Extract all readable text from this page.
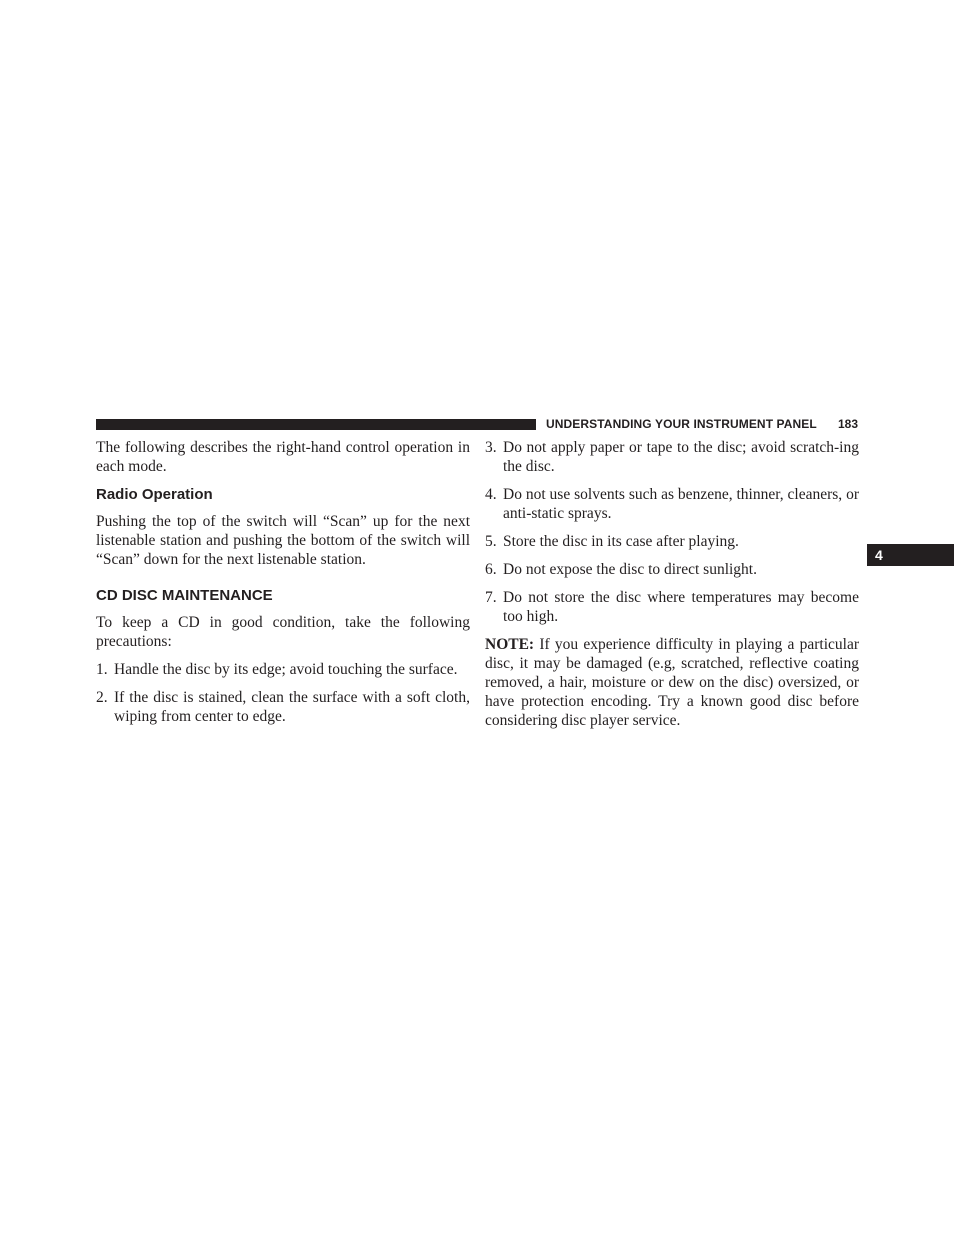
UNDERSTANDING YOUR INSTRUMENT PANEL 183
4

The following describes the right-hand control operation in each mode.

Radio Operation

Pushing the top of the switch will “Scan” up for the next listenable station and pushing the bottom of the switch will “Scan” down for the next listenable station.

CD DISC MAINTENANCE

To keep a CD in good condition, take the following precautions:

1. Handle the disc by its edge; avoid touching the surface.
2. If the disc is stained, clean the surface with a soft cloth, wiping from center to edge.
3. Do not apply paper or tape to the disc; avoid scratch-ing the disc.
4. Do not use solvents such as benzene, thinner, cleaners, or anti-static sprays.
5. Store the disc in its case after playing.
6. Do not expose the disc to direct sunlight.
7. Do not store the disc where temperatures may become too high.

NOTE: If you experience difficulty in playing a particular disc, it may be damaged (e.g, scratched, reflective coating removed, a hair, moisture or dew on the disc) oversized, or have protection encoding. Try a known good disc before considering disc player service.
